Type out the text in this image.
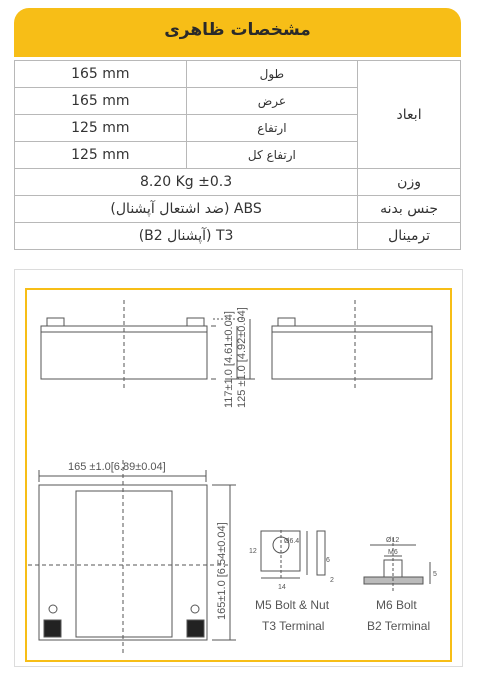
مشخصات ظاهری
165 mm	طول	ابعاد
165 mm	عرض	
125 mm	ارتفاع	
125 mm	ارتفاع کل	
8.20 Kg ±0.3		وزن
ABS (ضد اشتعال آپشنال)		جنس بدنه
T3 (آپشنال B2)		ترمینال
117±1.0 [4.61±0.04] 125 ±1.0 [4.92±0.04]
165 ±1.0[6.89±0.04]
165±1.0 [6.54±0.04]	12
Ø6.4
14
6
2
Ø12
M6
5
M5 Bolt & Nut
T3 Terminal
M6 Bolt
B2 Terminal
